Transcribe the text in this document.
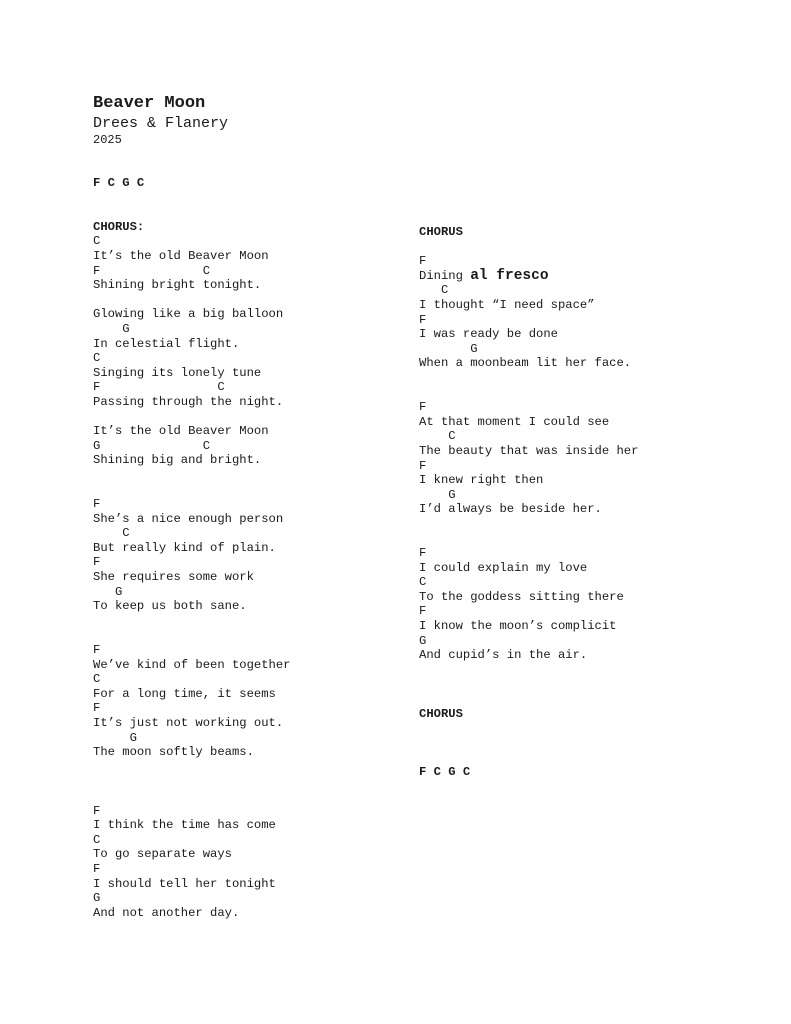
Beaver Moon
Drees & Flanery
2025
F C G C
CHORUS:
C
It’s the old Beaver Moon
F              C
Shining bright tonight.
Glowing like a big balloon
G
In celestial flight.
C
Singing its lonely tune
F                C
Passing through the night.
It’s the old Beaver Moon
G              C
Shining big and bright.
F
She’s a nice enough person
C
But really kind of plain.
F
She requires some work
G
To keep us both sane.
F
We’ve kind of been together
C
For a long time, it seems
F
It’s just not working out.
G
The moon softly beams.
F
I think the time has come
C
To go separate ways
F
I should tell her tonight
G
And not another day.
CHORUS
F
Dining al fresco
C
I thought “I need space”
F
I was ready be done
G
When a moonbeam lit her face.
F
At that moment I could see
C
The beauty that was inside her
F
I knew right then
G
I’d always be beside her.
F
I could explain my love
C
To the goddess sitting there
F
I know the moon’s complicit
G
And cupid’s in the air.
CHORUS
F C G C
